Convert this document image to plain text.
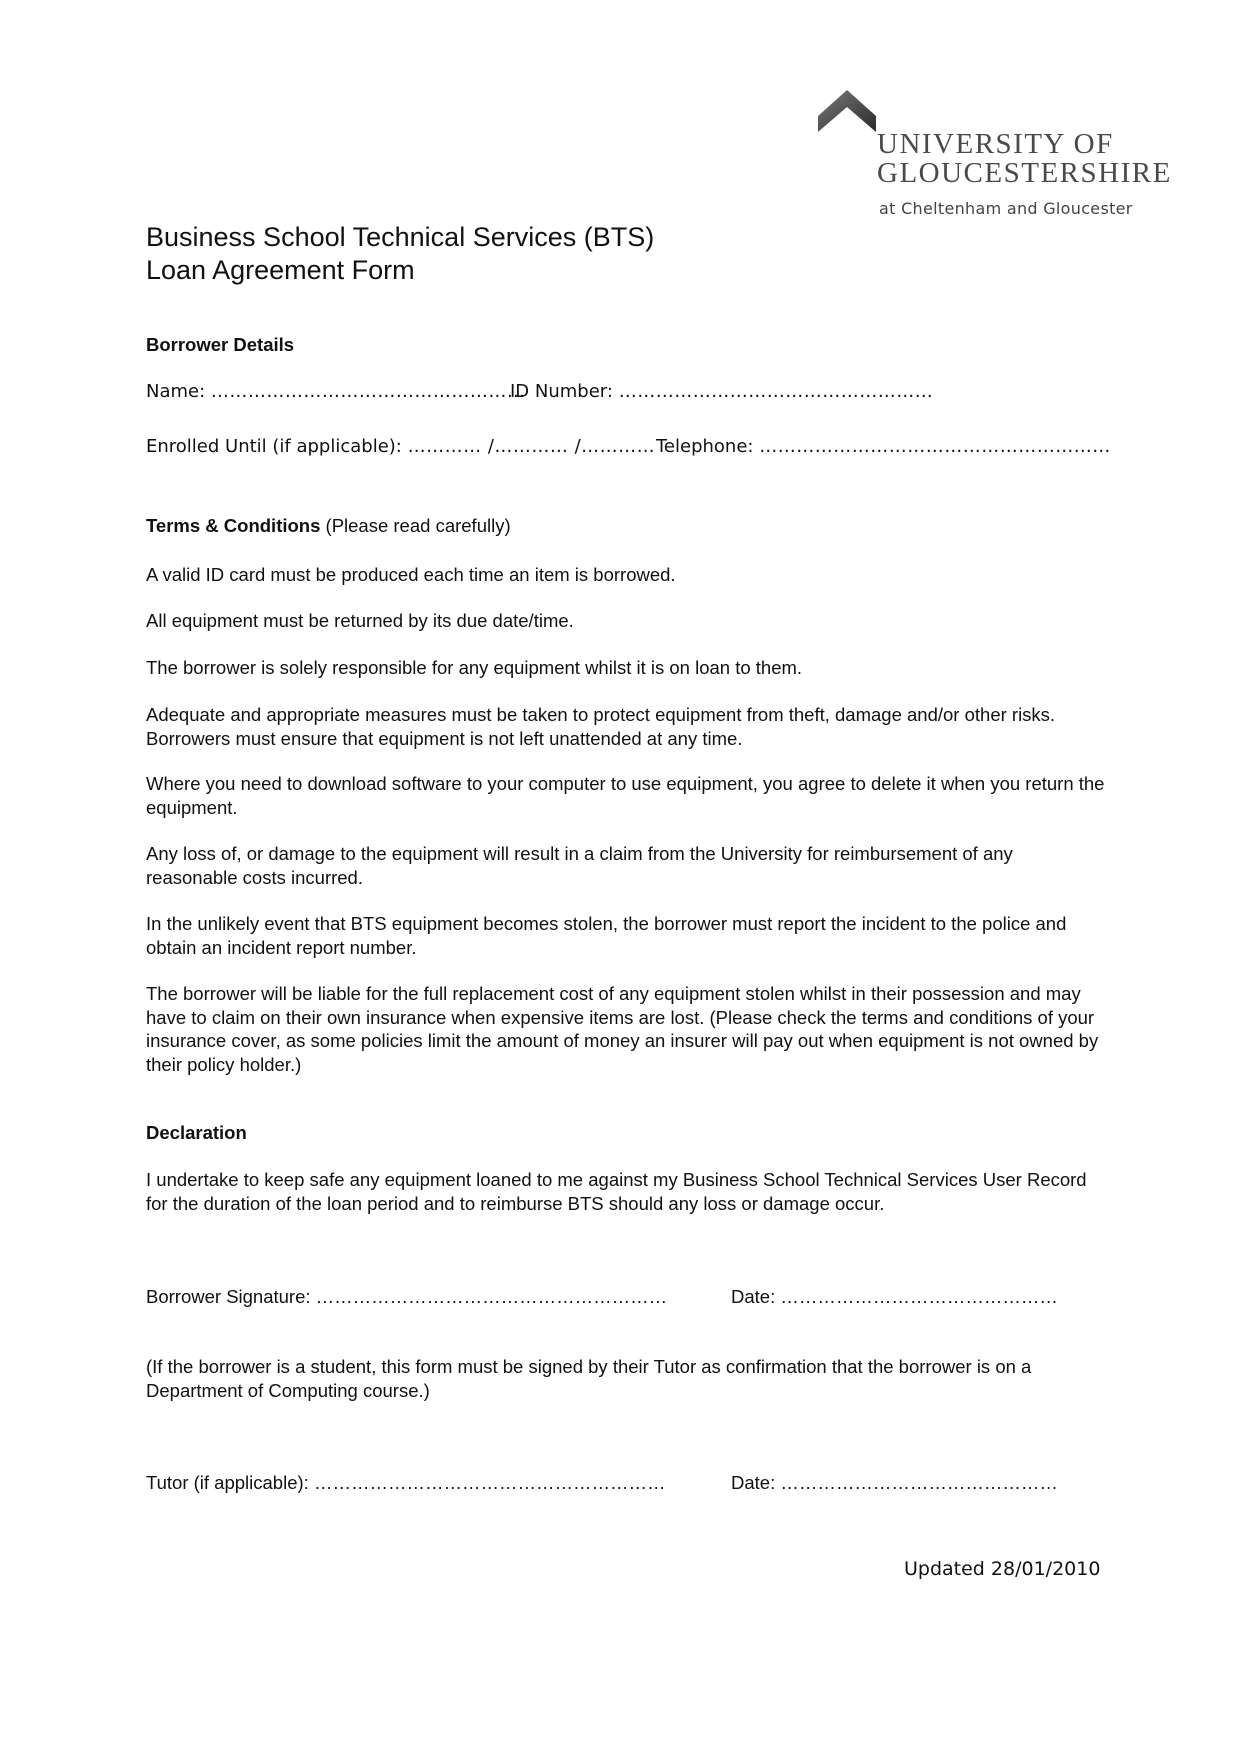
UNIVERSITY OF
GLOUCESTERSHIRE
at Cheltenham and Gloucester
Business School Technical Services (BTS)
Loan Agreement Form
Borrower Details
Name: ……………………………………………
ID Number: ……………………………………………
Enrolled Until (if applicable): ………… /………… /………… Telephone: …………………………………………………
Terms & Conditions (Please read carefully)

A valid ID card must be produced each time an item is borrowed.

All equipment must be returned by its due date/time.

The borrower is solely responsible for any equipment whilst it is on loan to them.

Adequate and appropriate measures must be taken to protect equipment from theft, damage and/or other risks. Borrowers must ensure that equipment is not left unattended at any time.

Where you need to download software to your computer to use equipment, you agree to delete it when you return the equipment.

Any loss of, or damage to the equipment will result in a claim from the University for reimbursement of any reasonable costs incurred.

In the unlikely event that BTS equipment becomes stolen, the borrower must report the incident to the police and obtain an incident report number.

The borrower will be liable for the full replacement cost of any equipment stolen whilst in their possession and may have to claim on their own insurance when expensive items are lost. (Please check the terms and conditions of your insurance cover, as some policies limit the amount of money an insurer will pay out when equipment is not owned by their policy holder.)

Declaration

I undertake to keep safe any equipment loaned to me against my Business School Technical Services User Record for the duration of the loan period and to reimburse BTS should any loss or damage occur.

Borrower Signature: …………………………………………………	Date: ………………………………………

(If the borrower is a student, this form must be signed by their Tutor as confirmation that the borrower is on a Department of Computing course.)

Tutor (if applicable): …………………………………………………	Date: ………………………………………
Updated 28/01/2010
